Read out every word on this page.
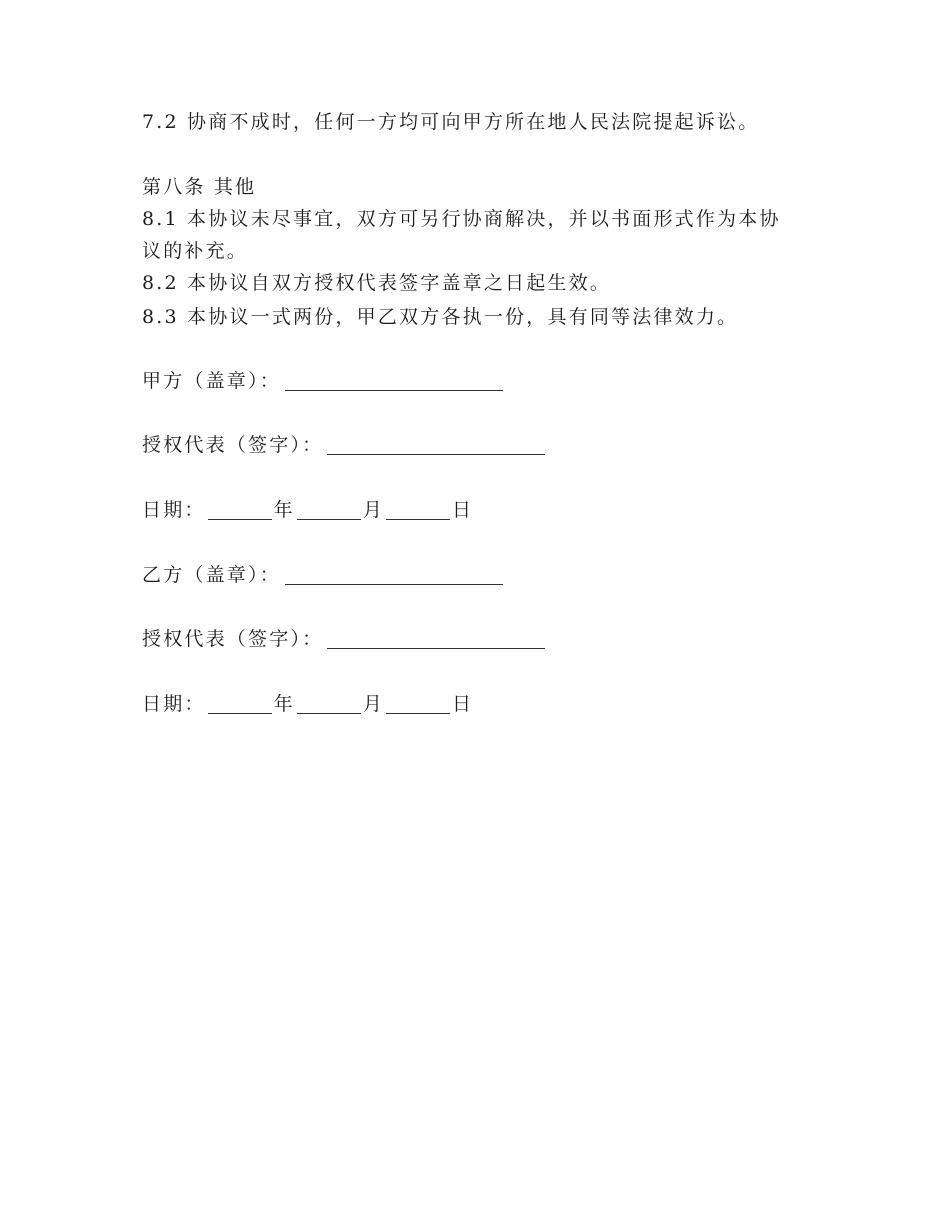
7.2 协商不成时，任何一方均可向甲方所在地人民法院提起诉讼。
第八条 其他
8.1 本协议未尽事宜，双方可另行协商解决，并以书面形式作为本协
议的补充。
8.2 本协议自双方授权代表签字盖章之日起生效。
8.3 本协议一式两份，甲乙双方各执一份，具有同等法律效力。
甲方（盖章）：
授权代表（签字）：
日期：	年	月	日
乙方（盖章）：
授权代表（签字）：
日期：	年	月	日
